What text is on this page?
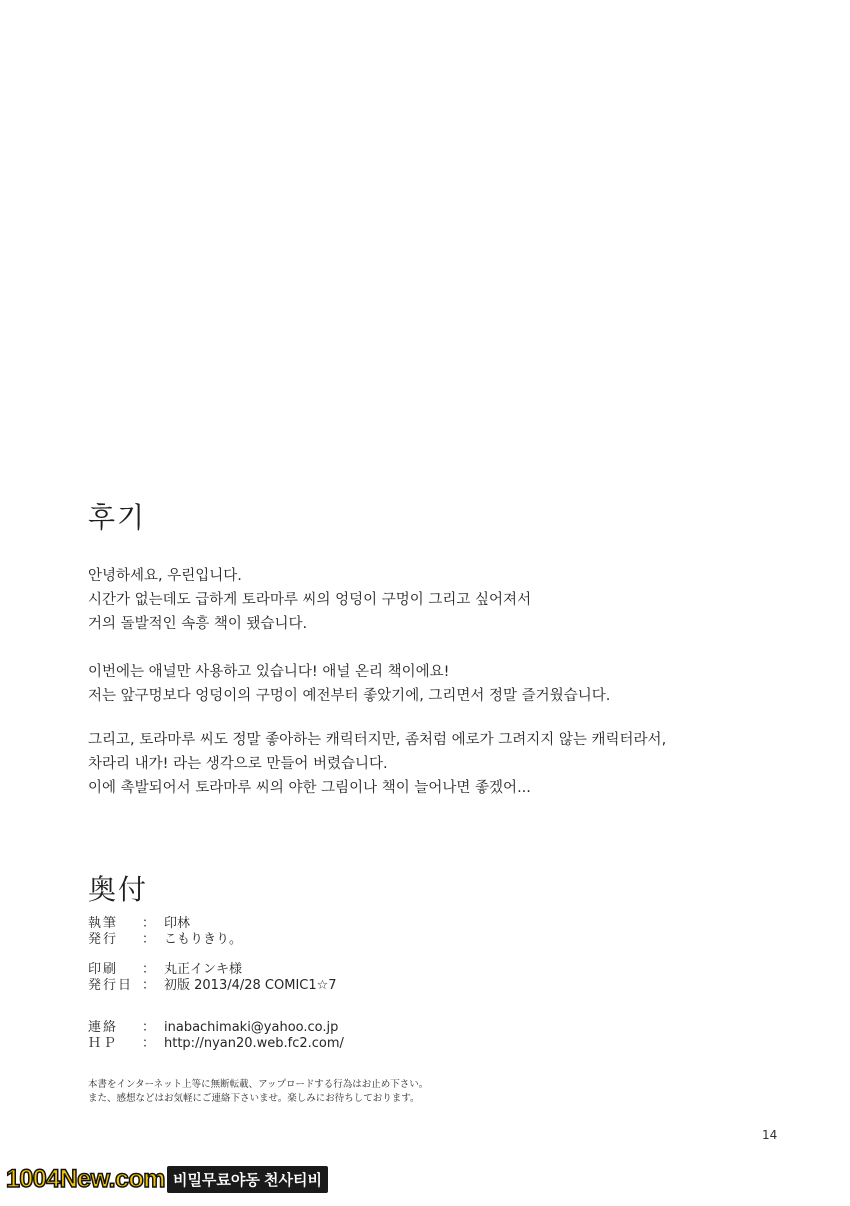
후기

안녕하세요, 우린입니다.
시간가 없는데도 급하게 토라마루 씨의 엉덩이 구멍이 그리고 싶어져서
거의 돌발적인 속흥 책이 됐습니다.

이번에는 애널만 사용하고 있습니다! 애널 온리 책이에요!
저는 앞구멍보다 엉덩이의 구멍이 예전부터 좋았기에, 그리면서 정말 즐거웠습니다.

그리고, 토라마루 씨도 정말 좋아하는 캐릭터지만, 좀처럼 에로가 그려지지 않는 캐릭터라서,
차라리 내가! 라는 생각으로 만들어 버렸습니다.
이에 촉발되어서 토라마루 씨의 야한 그림이나 책이 늘어나면 좋겠어...

奥付
執筆 ： 印林
発行 ： こもりきり。
印刷 ： 丸正インキ様
発行日 ： 初版 2013/4/28 COMIC1☆7
連絡 ： inabachimaki@yahoo.co.jp
ＨＰ ： http://nyan20.web.fc2.com/
本書をインターネット上等に無断転載、アップロードする行為はお止め下さい。
また、感想などはお気軽にご連絡下さいませ。楽しみにお待ちしております。
14
1004New.com 비밀무료야동 천사티비
